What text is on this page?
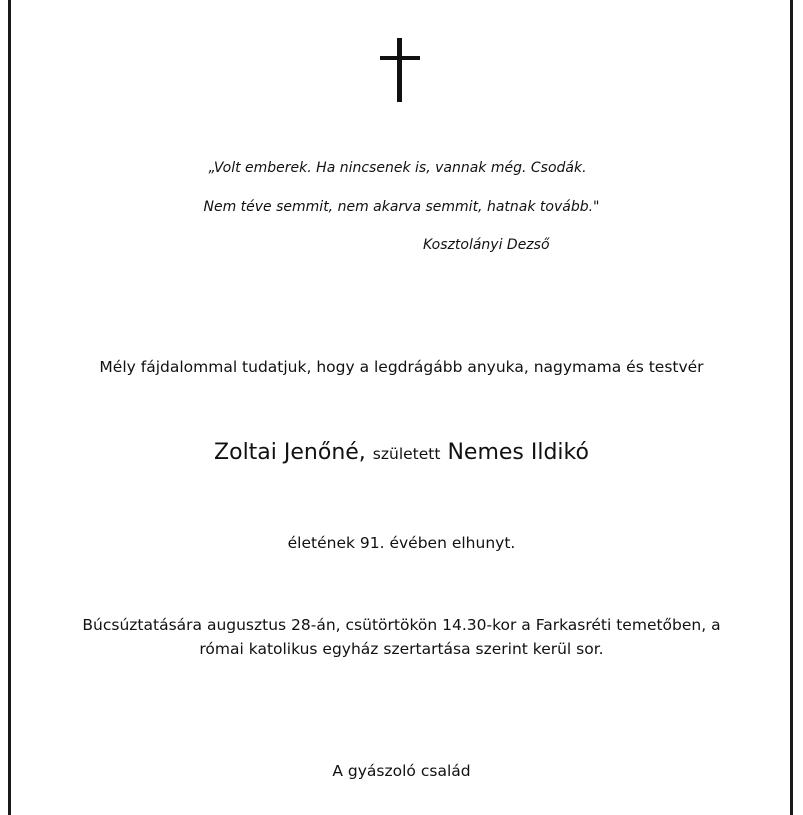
„Volt emberek. Ha nincsenek is, vannak még. Csodák.
Nem téve semmit, nem akarva semmit, hatnak tovább."
Kosztolányi Dezső
Mély fájdalommal tudatjuk, hogy a legdrágább anyuka, nagymama és testvér
Zoltai Jenőné, született Nemes Ildikó
életének 91. évében elhunyt.
Búcsúztatására augusztus 28-án, csütörtökön 14.30-kor a Farkasréti temetőben, a
római katolikus egyház szertartása szerint kerül sor.
A gyászoló család
